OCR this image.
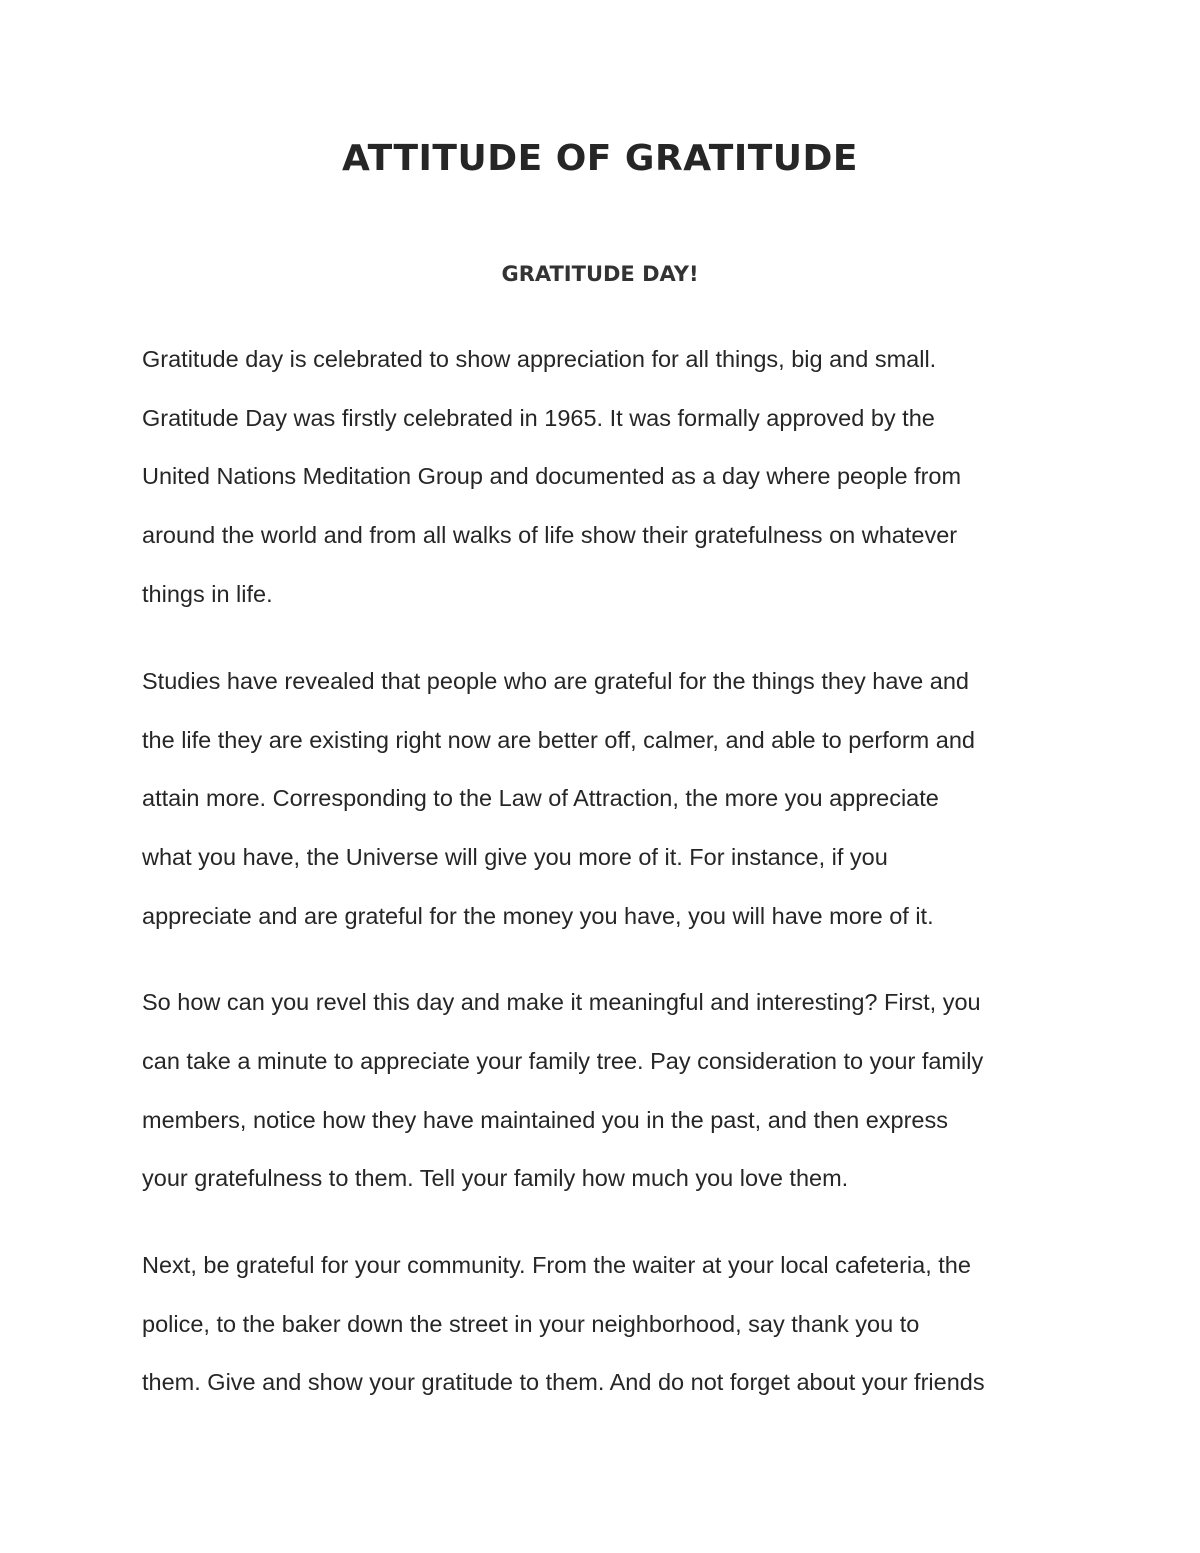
ATTITUDE OF GRATITUDE
GRATITUDE DAY!

Gratitude day is celebrated to show appreciation for all things, big and small.

Gratitude Day was firstly celebrated in 1965. It was formally approved by the

United Nations Meditation Group and documented as a day where people from

around the world and from all walks of life show their gratefulness on whatever

things in life.

Studies have revealed that people who are grateful for the things they have and

the life they are existing right now are better off, calmer, and able to perform and

attain more. Corresponding to the Law of Attraction, the more you appreciate

what you have, the Universe will give you more of it. For instance, if you

appreciate and are grateful for the money you have, you will have more of it.

So how can you revel this day and make it meaningful and interesting? First, you

can take a minute to appreciate your family tree. Pay consideration to your family

members, notice how they have maintained you in the past, and then express

your gratefulness to them. Tell your family how much you love them.

Next, be grateful for your community. From the waiter at your local cafeteria, the

police, to the baker down the street in your neighborhood, say thank you to

them. Give and show your gratitude to them. And do not forget about your friends
